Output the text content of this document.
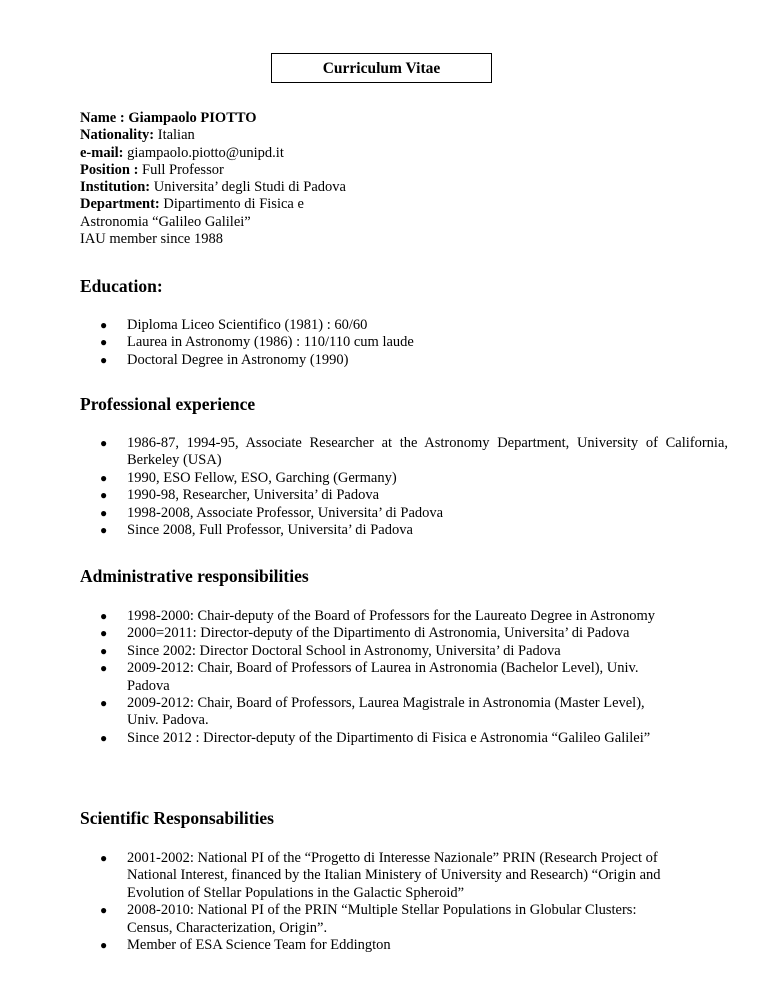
Curriculum Vitae
Name : Giampaolo PIOTTO
Nationality: Italian
e-mail: giampaolo.piotto@unipd.it
Position : Full Professor
Institution: Universita’ degli Studi di Padova
Department: Dipartimento di Fisica e
Astronomia “Galileo Galilei”
IAU member since 1988
Education:
● Diploma Liceo Scientifico (1981) : 60/60
● Laurea in Astronomy (1986) : 110/110 cum laude
● Doctoral Degree in Astronomy (1990)
Professional experience
● 1986-87, 1994-95, Associate Researcher at the Astronomy Department, University of California, Berkeley (USA)
● 1990, ESO Fellow, ESO, Garching (Germany)
● 1990-98, Researcher, Universita’ di Padova
● 1998-2008, Associate Professor, Universita’ di Padova
● Since 2008, Full Professor, Universita’ di Padova
Administrative responsibilities
● 1998-2000: Chair-deputy of the Board of Professors for the Laureato Degree in Astronomy
● 2000=2011: Director-deputy of the Dipartimento di Astronomia, Universita’ di Padova
● Since 2002: Director Doctoral School in Astronomy, Universita’ di Padova
● 2009-2012: Chair, Board of Professors of Laurea in Astronomia (Bachelor Level), Univ. Padova
● 2009-2012: Chair, Board of Professors, Laurea Magistrale in Astronomia (Master Level), Univ. Padova.
● Since 2012 : Director-deputy of the Dipartimento di Fisica e Astronomia “Galileo Galilei”
Scientific Responsabilities
● 2001-2002: National PI of the “Progetto di Interesse Nazionale” PRIN (Research Project of National Interest, financed by the Italian Ministery of University and Research) “Origin and Evolution of Stellar Populations in the Galactic Spheroid”
● 2008-2010: National PI of the PRIN “Multiple Stellar Populations in Globular Clusters: Census, Characterization, Origin”.
● Member of ESA Science Team for Eddington
